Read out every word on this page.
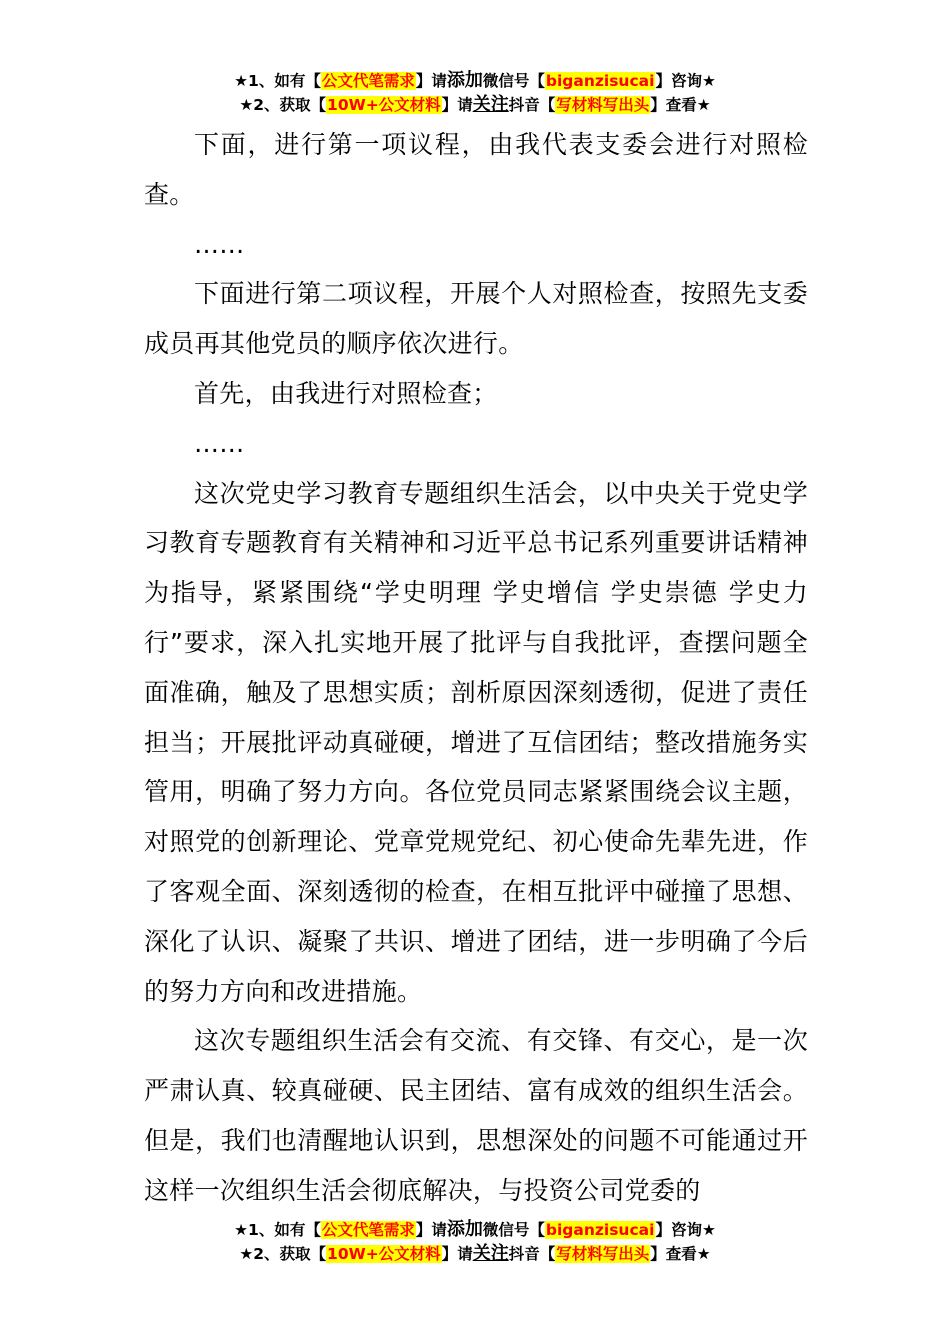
★1、如有【公文代笔需求】请添加微信号【biganzisucai】咨询★
★2、获取【10W+公文材料】请关注抖音【写材料写出头】查看★

下面，进行第一项议程，由我代表支委会进行对照检查。

……

下面进行第二项议程，开展个人对照检查，按照先支委成员再其他党员的顺序依次进行。

首先，由我进行对照检查；

……

这次党史学习教育专题组织生活会，以中央关于党史学习教育专题教育有关精神和习近平总书记系列重要讲话精神为指导，紧紧围绕“学史明理 学史增信 学史崇德 学史力行”要求，深入扎实地开展了批评与自我批评，查摆问题全面准确，触及了思想实质；剖析原因深刻透彻，促进了责任担当；开展批评动真碰硬，增进了互信团结；整改措施务实管用，明确了努力方向。各位党员同志紧紧围绕会议主题，对照党的创新理论、党章党规党纪、初心使命先辈先进，作了客观全面、深刻透彻的检查，在相互批评中碰撞了思想、深化了认识、凝聚了共识、增进了团结，进一步明确了今后的努力方向和改进措施。

这次专题组织生活会有交流、有交锋、有交心，是一次严肃认真、较真碰硬、民主团结、富有成效的组织生活会。但是，我们也清醒地认识到，思想深处的问题不可能通过开这样一次组织生活会彻底解决，与投资公司党委的

★1、如有【公文代笔需求】请添加微信号【biganzisucai】咨询★
★2、获取【10W+公文材料】请关注抖音【写材料写出头】查看★
